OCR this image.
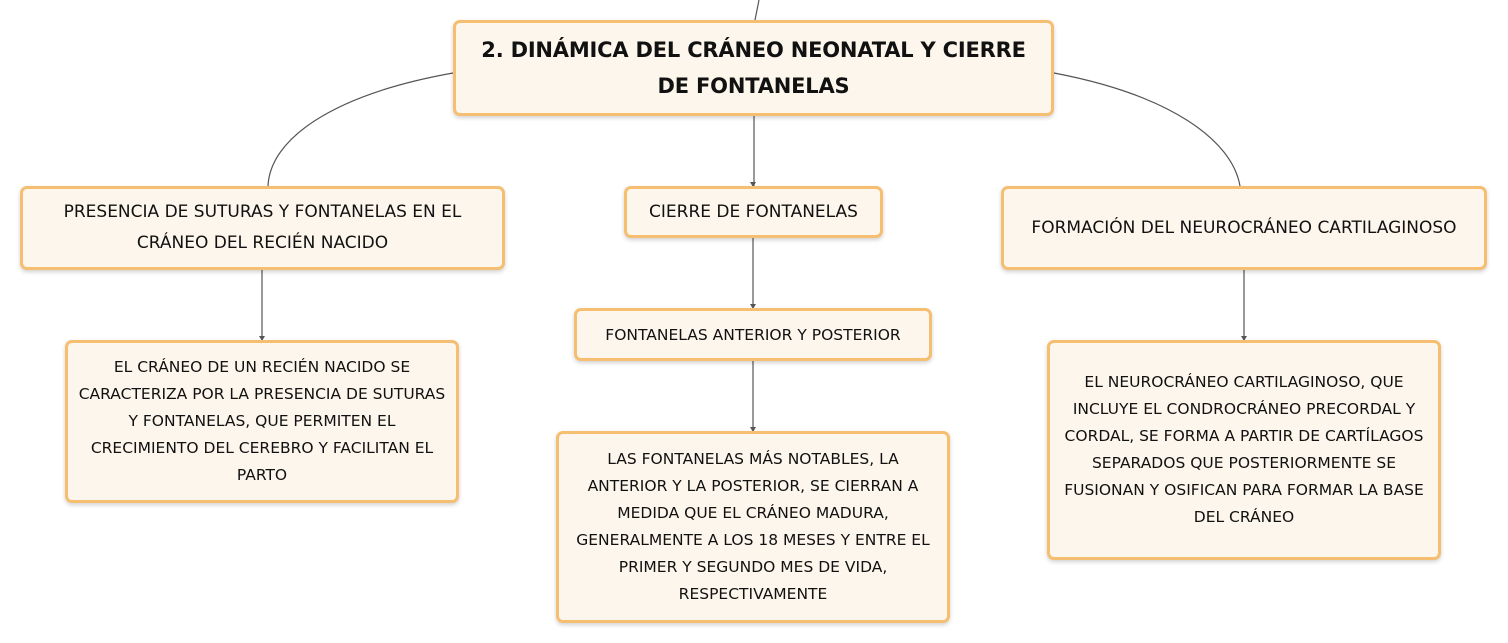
2. DINÁMICA DEL CRÁNEO NEONATAL Y CIERRE DE FONTANELAS
PRESENCIA DE SUTURAS Y FONTANELAS EN EL CRÁNEO DEL RECIÉN NACIDO
CIERRE DE FONTANELAS
FORMACIÓN DEL NEUROCRÁNEO CARTILAGINOSO
FONTANELAS ANTERIOR Y POSTERIOR
EL CRÁNEO DE UN RECIÉN NACIDO SE CARACTERIZA POR LA PRESENCIA DE SUTURAS Y FONTANELAS, QUE PERMITEN EL CRECIMIENTO DEL CEREBRO Y FACILITAN EL PARTO
LAS FONTANELAS MÁS NOTABLES, LA ANTERIOR Y LA POSTERIOR, SE CIERRAN A MEDIDA QUE EL CRÁNEO MADURA, GENERALMENTE A LOS 18 MESES Y ENTRE EL PRIMER Y SEGUNDO MES DE VIDA, RESPECTIVAMENTE
EL NEUROCRÁNEO CARTILAGINOSO, QUE INCLUYE EL CONDROCRÁNEO PRECORDAL Y CORDAL, SE FORMA A PARTIR DE CARTÍLAGOS SEPARADOS QUE POSTERIORMENTE SE FUSIONAN Y OSIFICAN PARA FORMAR LA BASE DEL CRÁNEO
